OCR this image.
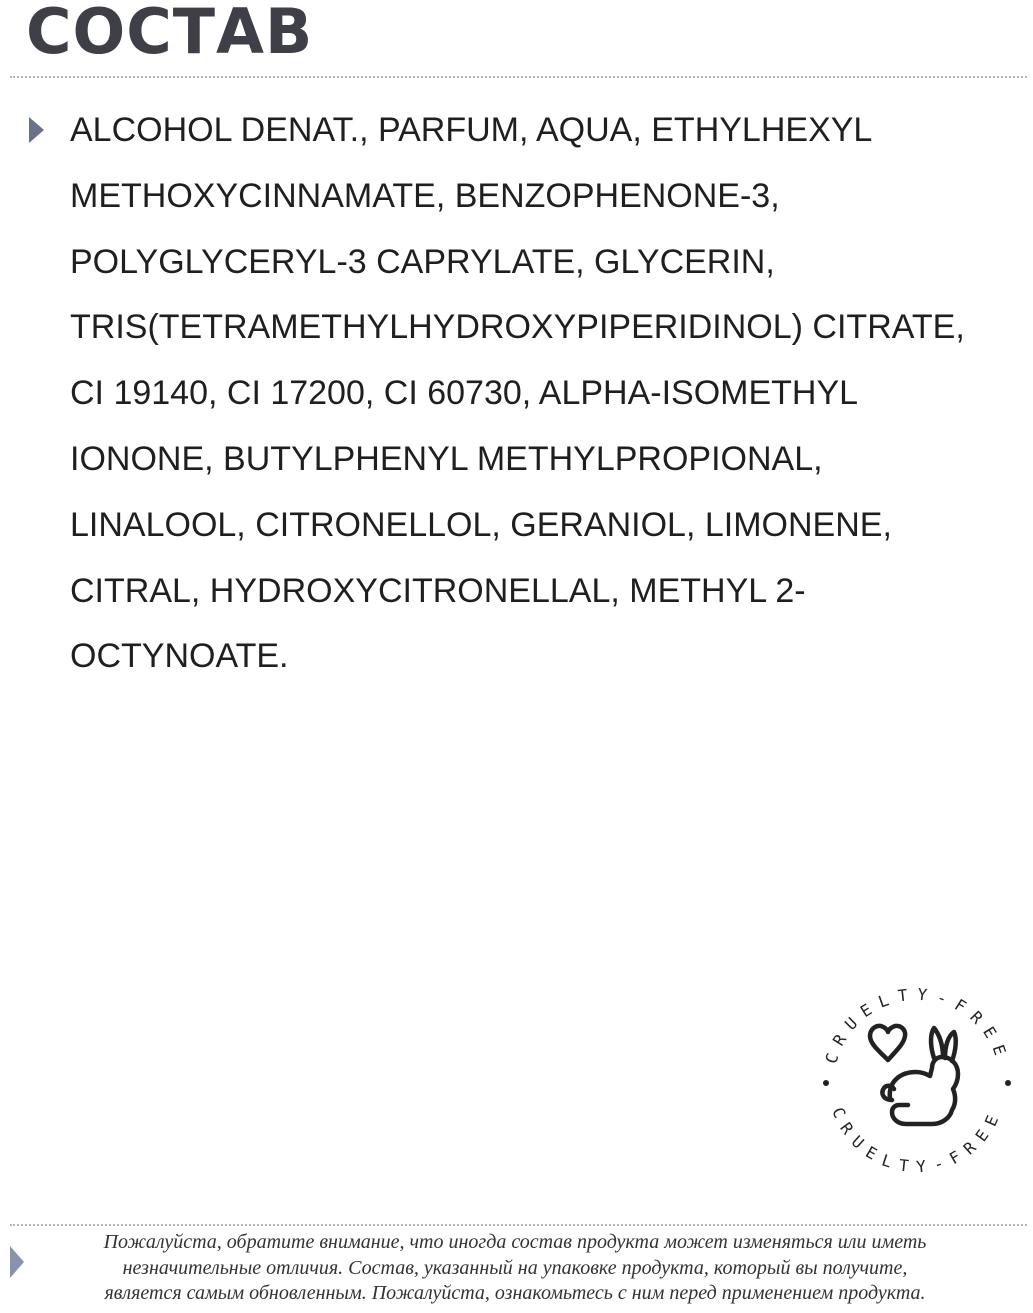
СОСТАВ
ALCOHOL DENAT., PARFUM, AQUA, ETHYLHEXYL
METHOXYCINNAMATE, BENZOPHENONE-3,
POLYGLYCERYL-3 CAPRYLATE, GLYCERIN,
TRIS(TETRAMETHYLHYDROXYPIPERIDINOL) CITRATE,
CI 19140, CI 17200, CI 60730, ALPHA-ISOMETHYL
IONONE, BUTYLPHENYL METHYLPROPIONAL,
LINALOOL, CITRONELLOL, GERANIOL, LIMONENE,
CITRAL, HYDROXYCITRONELLAL, METHYL 2-
OCTYNOATE.
CRUELTY-FREE
CRUELTY-FREE

Пожалуйста, обратите внимание, что иногда состав продукта может изменяться или иметь
незначительные отличия. Состав, указанный на упаковке продукта, который вы получите,
является самым обновленным. Пожалуйста, ознакомьтесь с ним перед применением продукта.
